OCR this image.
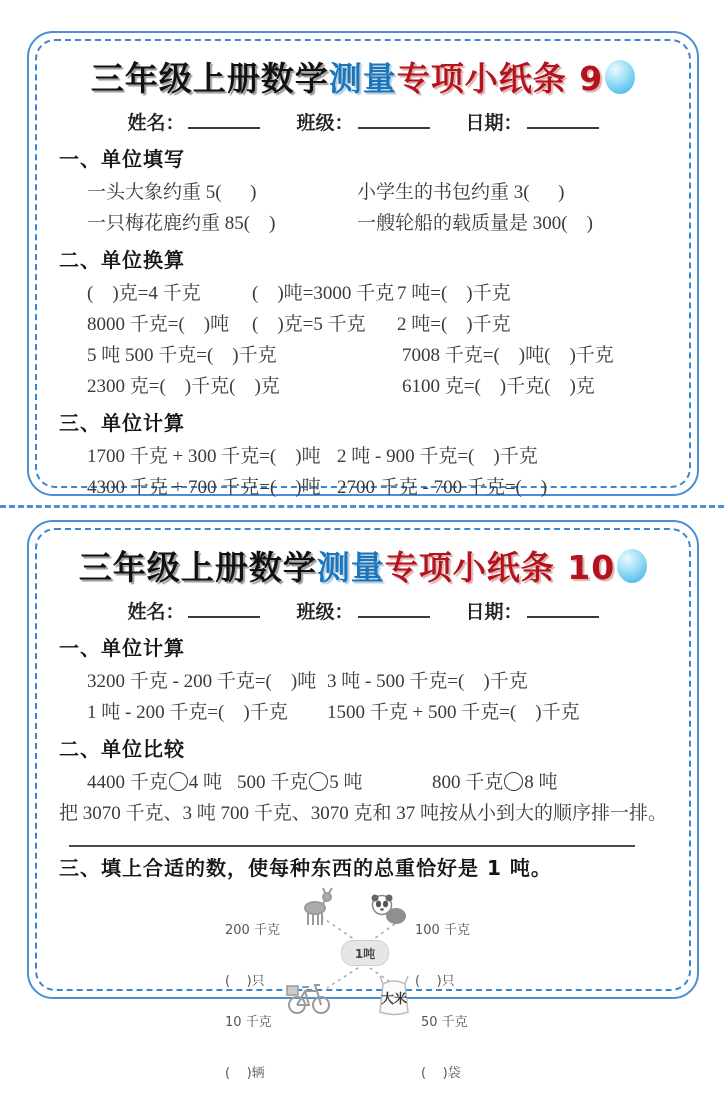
三年级上册数学测量专项小纸条 9
姓名：	班级：	日期：
一、单位填写
一头大象约重 5(      )	小学生的书包约重 3(      )
一只梅花鹿约重 85(    )	一艘轮船的载质量是 300(    )
二、单位换算
(    )克=4 千克	(    )吨=3000 千克 7 吨=(    )千克
8000 千克=(    )吨	(    )克=5 千克	2 吨=(    )千克
5 吨 500 千克=(    )千克	7008 千克=(    )吨(    )千克
2300 克=(    )千克(    )克	6100 克=(    )千克(    )克
三、单位计算
1700 千克 + 300 千克=(    )吨 2 吨 - 900 千克=(    )千克
4300 千克 + 700 千克=(    )吨 2700 千克 - 700 千克=(    )
三年级上册数学测量专项小纸条 10
姓名：	班级：	日期：
一、单位计算
3200 千克 - 200 千克=(    )吨 3 吨 - 500 千克=(    )千克
1 吨 - 200 千克=(    )千克	1500 千克 + 500 千克=(    )千克
二、单位比较
4400 千克 4 吨 500 千克 5 吨	800 千克 8 吨
把 3070 千克、3 吨 700 千克、3070 克和 37 吨按从小到大的顺序排一排。
三、填上合适的数，使每种东西的总重恰好是 1 吨。

200 千克

(    )只

100 千克

(    )只

1吨

10 千克

(    )辆

大米

50 千克

(    )袋
